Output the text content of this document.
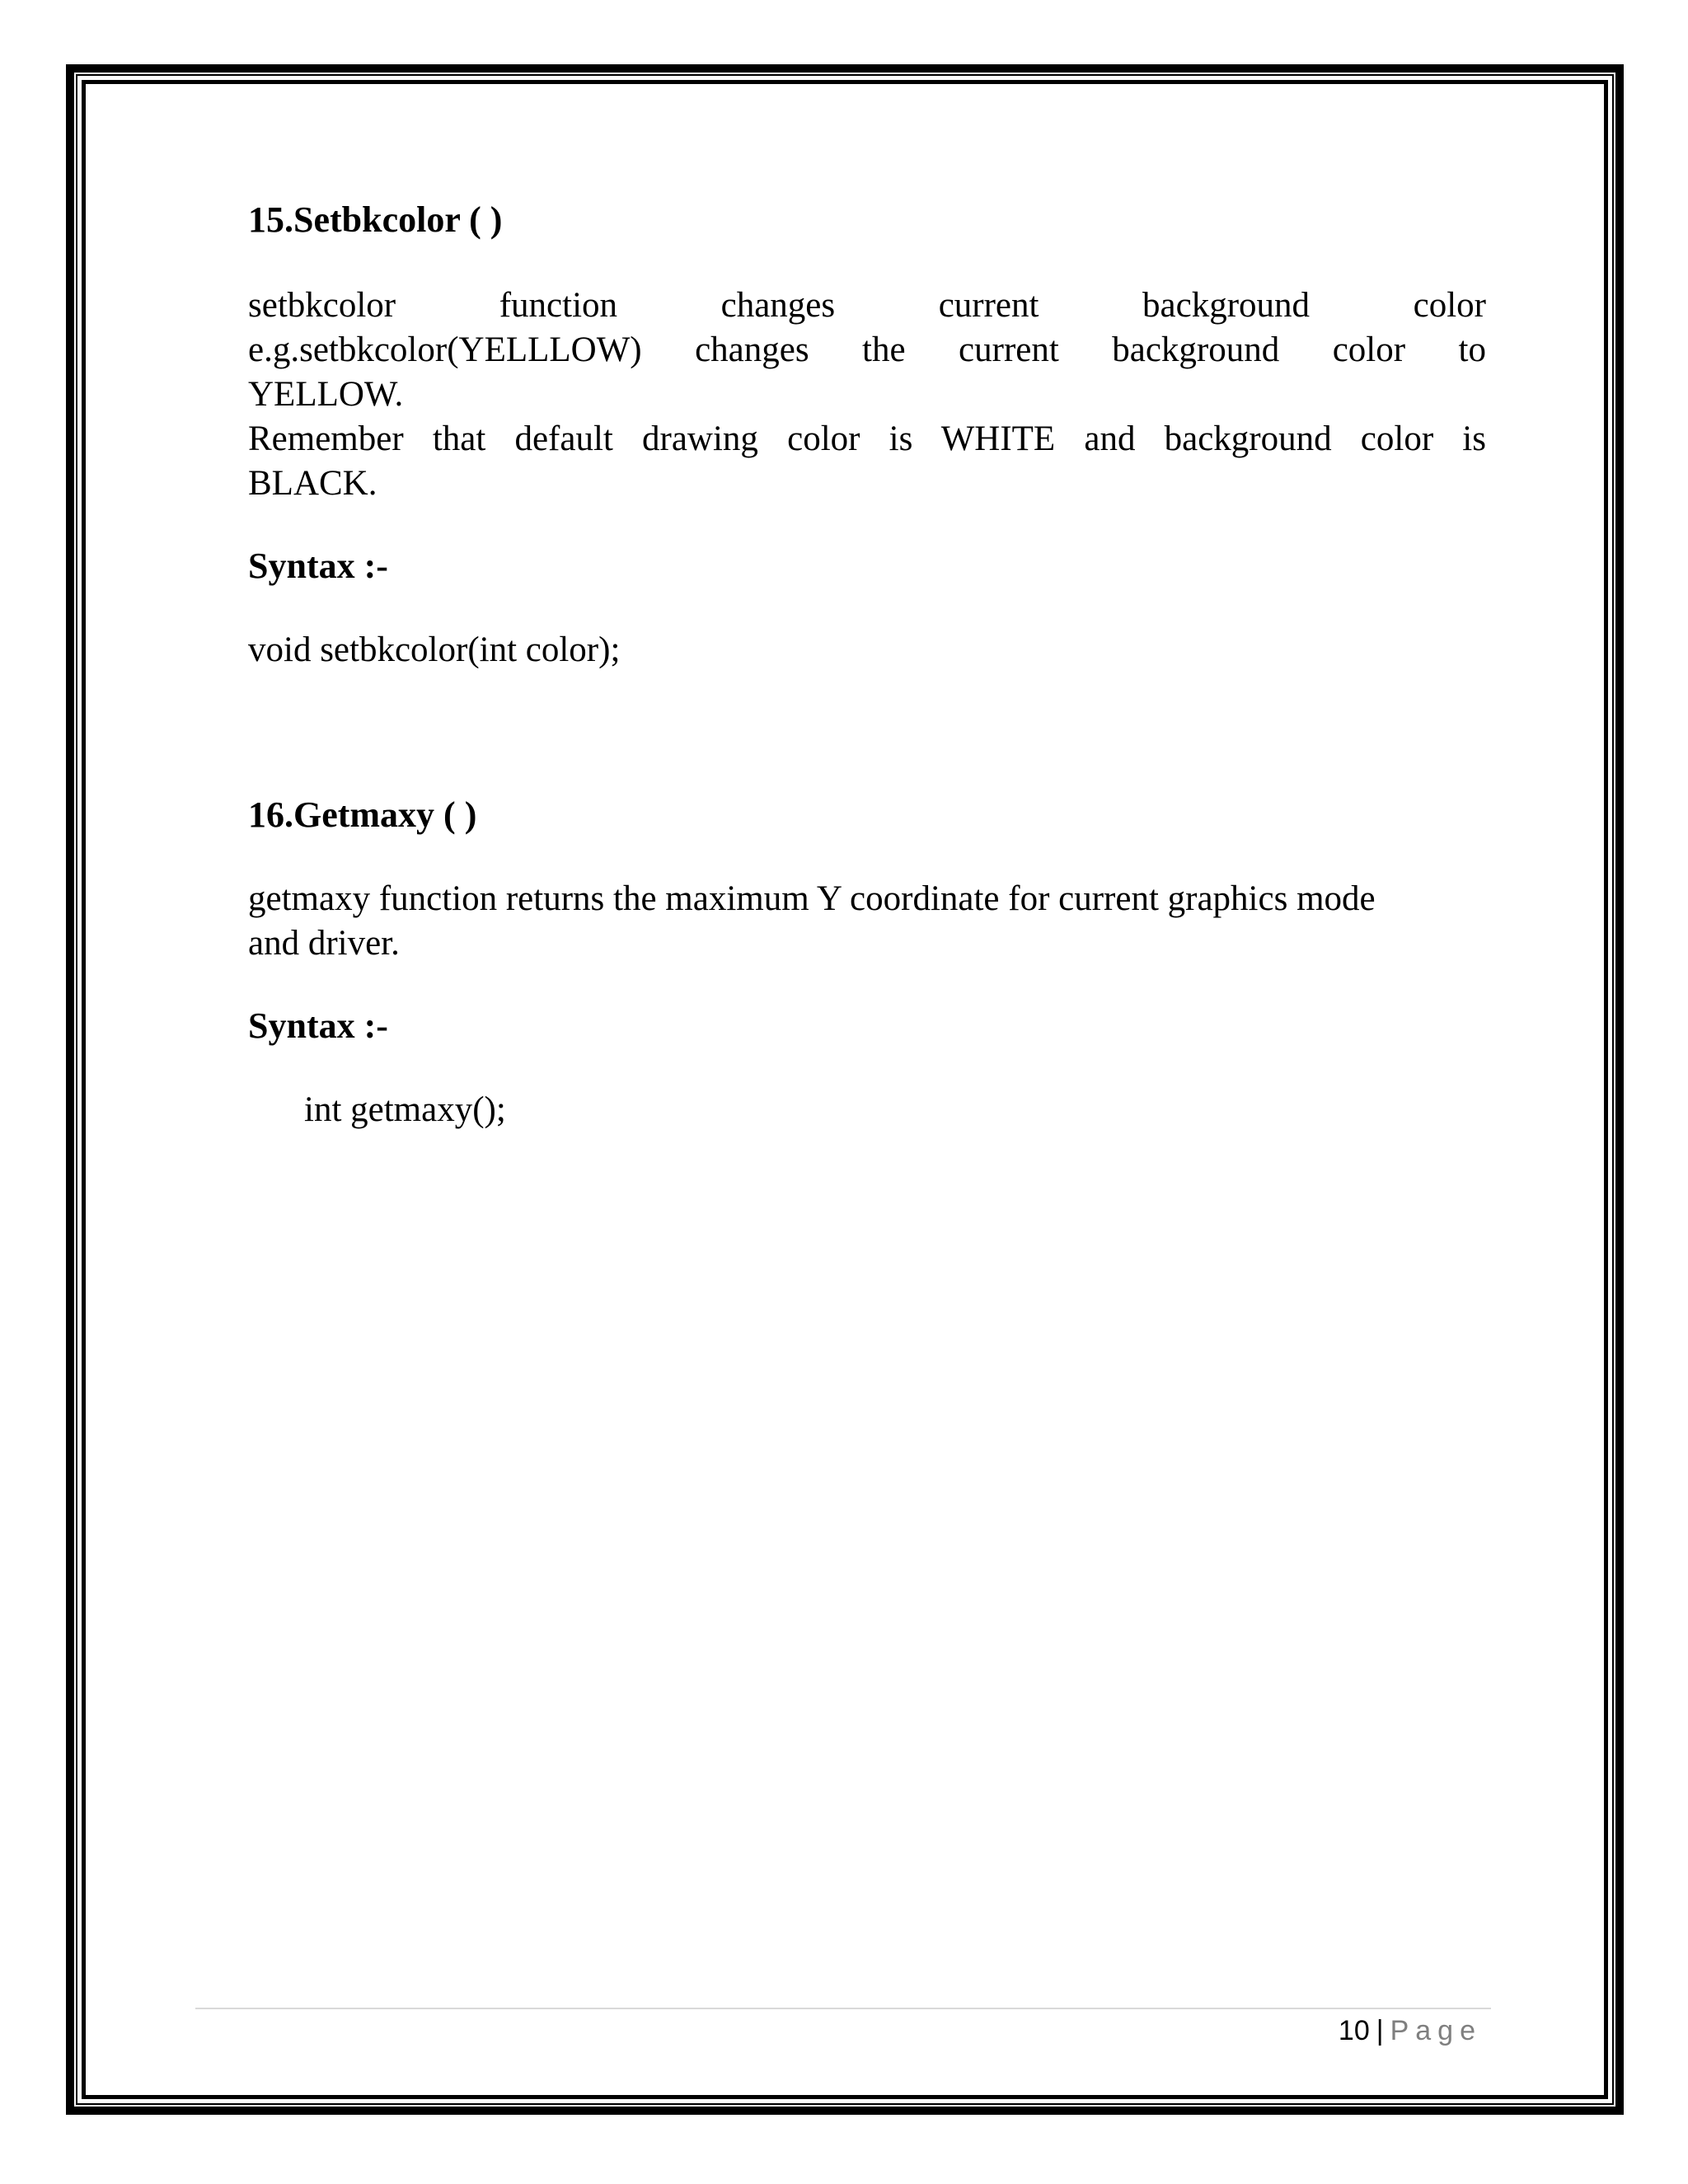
15.Setbkcolor ( )
setbkcolor function changes current background color
e.g.setbkcolor(YELLLOW) changes the current background color to
YELLOW.
Remember that default drawing color is WHITE and background color is
BLACK.
Syntax :-
void setbkcolor(int color);
16.Getmaxy ( )
getmaxy function returns the maximum Y coordinate for current graphics mode
and driver.
Syntax :-
int getmaxy();
10 | Page
